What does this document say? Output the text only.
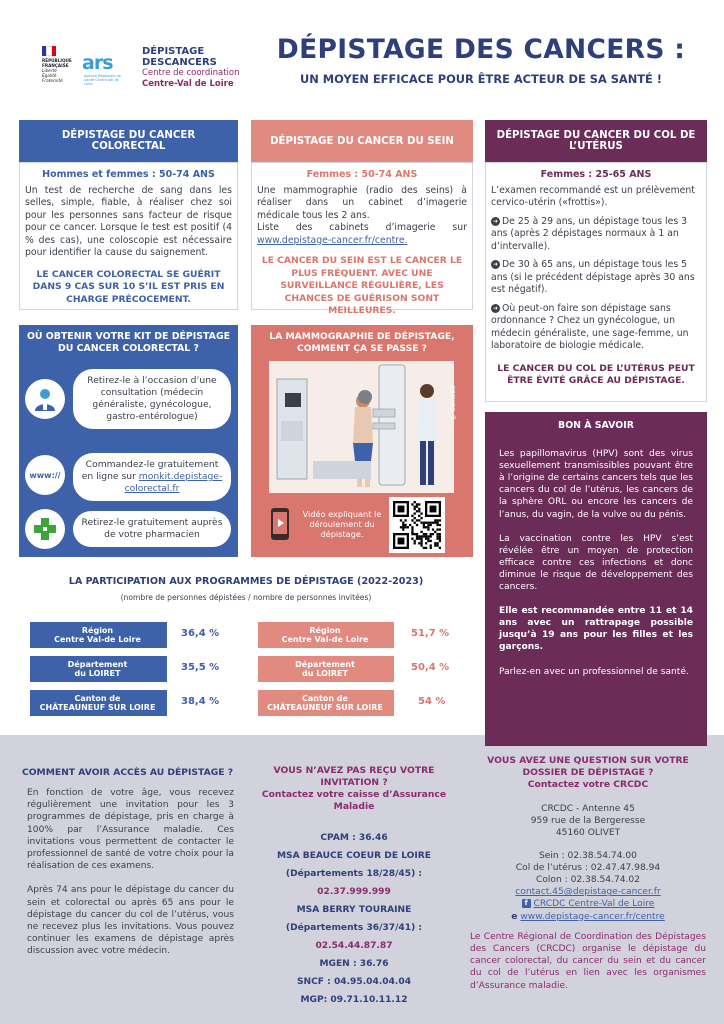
RÉPUBLIQUE
FRANÇAISE
Liberté
Égalité
Fraternité
ars
Agence Régionale de Santé Centre-Val de Loire
DÉPISTAGE
DESCANCERS
Centre de coordination
Centre-Val de Loire
DÉPISTAGE DES CANCERS :
UN MOYEN EFFICACE POUR ÊTRE ACTEUR DE SA SANTÉ !
DÉPISTAGE DU CANCER COLORECTAL	DÉPISTAGE DU CANCER DU SEIN	DÉPISTAGE DU CANCER DU COL DE L’UTÉRUS
Hommes et femmes : 50-74 ANS
Un test de recherche de sang dans les selles, simple, fiable, à réaliser chez soi pour les personnes sans facteur de risque pour ce cancer. Lorsque le test est positif (4 % des cas), une coloscopie est nécessaire pour identifier la cause du saignement.
LE CANCER COLORECTAL SE GUÉRIT DANS 9 CAS SUR 10 S’IL EST PRIS EN CHARGE PRÉCOCEMENT.
Femmes : 50-74 ANS
Une mammographie (radio des seins) à réaliser dans un cabinet d’imagerie médicale tous les 2 ans.
Liste des cabinets d’imagerie sur www.depistage-cancer.fr/centre.
LE CANCER DU SEIN EST LE CANCER LE PLUS FRÉQUENT. AVEC UNE SURVEILLANCE RÉGULIÈRE, LES CHANCES DE GUÉRISON SONT MEILLEURES.
Femmes : 25-65 ANS
L’examen recommandé est un prélèvement cervico-utérin («frottis»).
➜ De 25 à 29 ans, un dépistage tous les 3 ans (après 2 dépistages normaux à 1 an d’intervalle).
➜ De 30 à 65 ans, un dépistage tous les 5 ans (si le précédent dépistage après 30 ans est négatif).
➜ Où peut-on faire son dépistage sans ordonnance ? Chez un gynécologue, un médecin généraliste, une sage-femme, un laboratoire de biologie médicale.
LE CANCER DU COL DE L’UTÉRUS PEUT ÊTRE ÉVITÉ GRÂCE AU DÉPISTAGE.
OÙ OBTENIR VOTRE KIT DE DÉPISTAGE DU CANCER COLORECTAL ?
Retirez-le à l’occasion d’une consultation (médecin généraliste, gynécologue, gastro-entérologue)
www://
Commandez-le gratuitement en ligne sur monkit.depistage-colorectal.fr
Retirez-le gratuitement auprès de votre pharmacien
LA MAMMOGRAPHIE DE DÉPISTAGE, COMMENT ÇA SE PASSE ?
© SantéBD
Vidéo expliquant le déroulement du dépistage.
LA PARTICIPATION AUX PROGRAMMES DE DÉPISTAGE (2022-2023)
(nombre de personnes dépistées / nombre de personnes invitées)
Région
Centre Val-de Loire
36,4 %
Département
du LOIRET
35,5 %
Canton de
CHÂTEAUNEUF SUR LOIRE
38,4 %
Région
Centre Val-de Loire
51,7 %
Département
du LOIRET
50,4 %
Canton de
CHÂTEAUNEUF SUR LOIRE
54 %
COMMENT AVOIR ACCÈS AU DÉPISTAGE ?
En fonction de votre âge, vous recevez régulièrement une invitation pour les 3 programmes de dépistage, pris en charge à 100% par l’Assurance maladie. Ces invitations vous permettent de contacter le professionnel de santé de votre choix pour la réalisation de ces examens.
Après 74 ans pour le dépistage du cancer du sein et colorectal ou après 65 ans pour le dépistage du cancer du col de l’utérus, vous ne recevez plus les invitations. Vous pouvez continuer les examens de dépistage après discussion avec votre médecin.
VOUS N’AVEZ PAS REÇU VOTRE INVITATION ?
Contactez votre caisse d’Assurance Maladie
CPAM : 36.46
MSA BEAUCE COEUR DE LOIRE
(Départements 18/28/45) :
02.37.999.999
MSA BERRY TOURAINE
(Départements 36/37/41) :
02.54.44.87.87
MGEN : 36.76
SNCF : 04.95.04.04.04
MGP: 09.71.10.11.12
VOUS AVEZ UNE QUESTION SUR VOTRE DOSSIER DE DÉPISTAGE ?
Contactez votre CRCDC
CRCDC - Antenne 45
959 rue de la Bergeresse
45160 OLIVET
Sein : 02.38.54.74.00
Col de l’utérus : 02.47.47.98.94
Colon : 02.38.54.74.02
contact.45@depistage-cancer.fr
f CRCDC Centre-Val de Loire
e www.depistage-cancer.fr/centre
Le Centre Régional de Coordination des Dépistages des Cancers (CRCDC) organise le dépistage du cancer colorectal, du cancer du sein et du cancer du col de l’utérus en lien avec les organismes d’Assurance maladie.
BON À SAVOIR

Les papillomavirus (HPV) sont des virus sexuellement transmissibles pouvant être à l’origine de certains cancers tels que les cancers du col de l’utérus, les cancers de la sphère ORL ou encore les cancers de l’anus, du vagin, de la vulve ou du pénis.

La vaccination contre les HPV s’est révélée être un moyen de protection efficace contre ces infections et donc diminue le risque de développement des cancers.

Elle est recommandée entre 11 et 14 ans avec un rattrapage possible jusqu’à 19 ans pour les filles et les garçons.

Parlez-en avec un professionnel de santé.
